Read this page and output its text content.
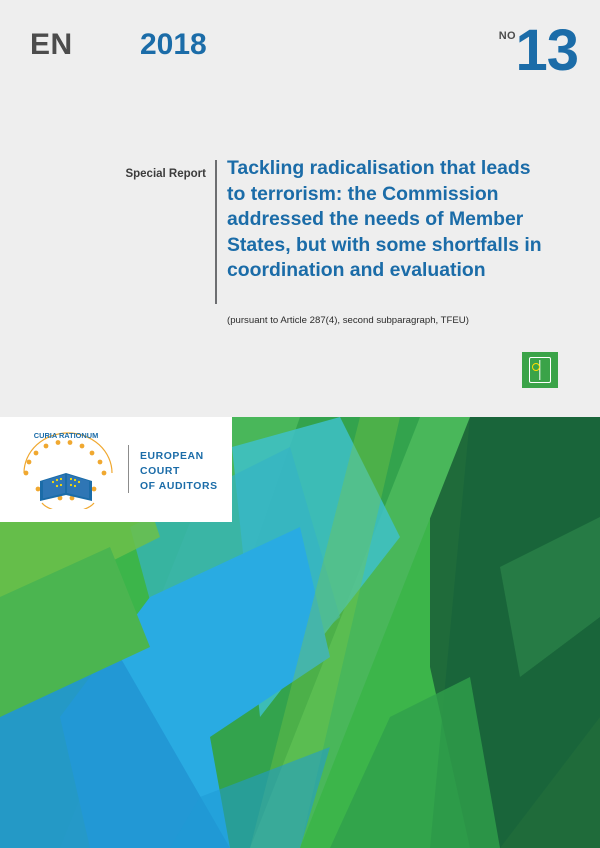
EN 2018	NO 13
Special Report Tackling radicalisation that leads to terrorism: the Commission addressed the needs of Member States, but with some shortfalls in coordination and evaluation
(pursuant to Article 287(4), second subparagraph, TFEU)
CURIA RATIONUM
EUROPEAN
COURT
OF AUDITORS
